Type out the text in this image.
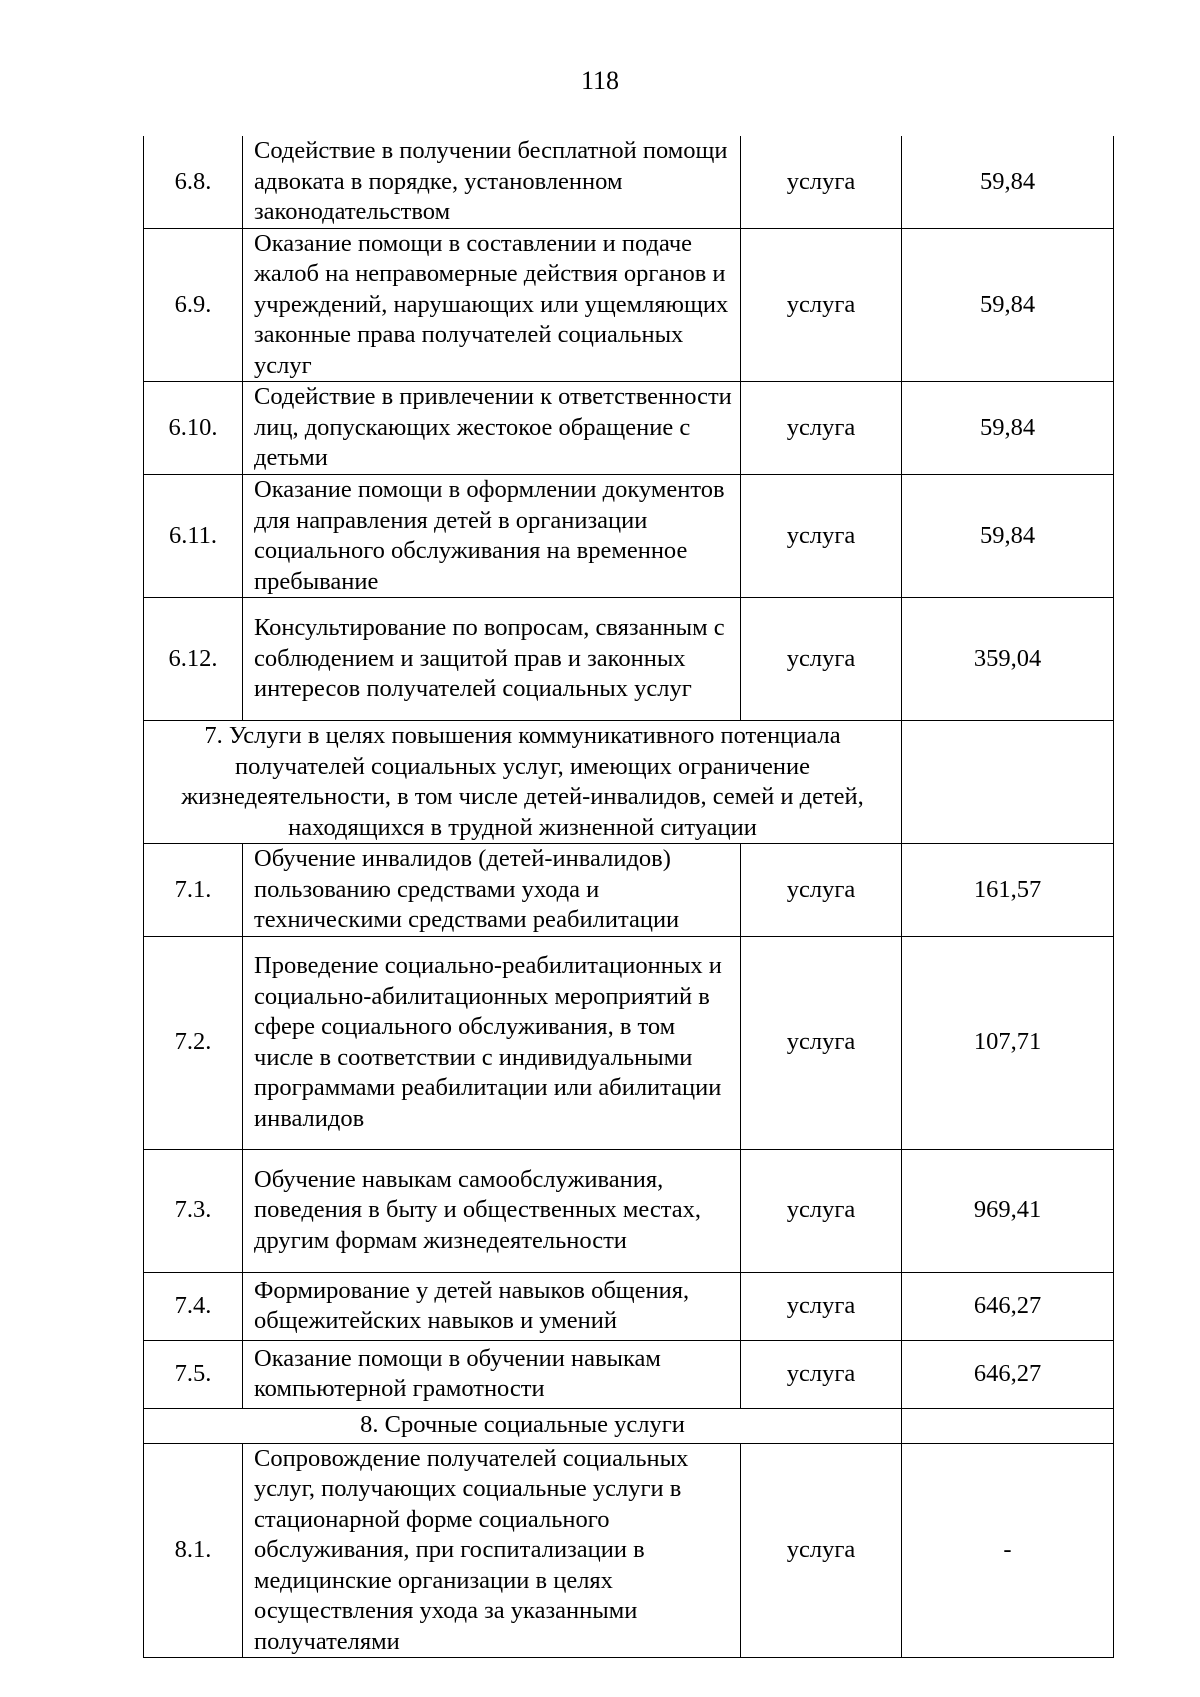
118
6.8.	Содействие в получении бесплатной помощи адвоката в порядке, установленном законодательством	услуга	59,84
6.9.	Оказание помощи в составлении и подаче жалоб на неправомерные действия органов и учреждений, нарушающих или ущемляющих законные права получателей социальных услуг	услуга	59,84
6.10.	Содействие в привлечении к ответственности лиц, допускающих жестокое обращение с детьми	услуга	59,84
6.11.	Оказание помощи в оформлении документов для направления детей в организации социального обслуживания на временное пребывание	услуга	59,84
6.12.	Консультирование по вопросам, связанным с соблюдением и защитой прав и законных интересов получателей социальных услуг	услуга	359,04
7. Услуги в целях повышения коммуникативного потенциала получателей социальных услуг, имеющих ограничение жизнедеятельности, в том числе детей-инвалидов, семей и детей, находящихся в трудной жизненной ситуации			
7.1.	Обучение инвалидов (детей-инвалидов) пользованию средствами ухода и техническими средствами реабилитации	услуга	161,57
7.2.	Проведение социально-реабилитационных и социально-абилитационных мероприятий в сфере социального обслуживания, в том числе в соответствии с индивидуальными программами реабилитации или абилитации инвалидов	услуга	107,71
7.3.	Обучение навыкам самообслуживания, поведения в быту и общественных местах, другим формам жизнедеятельности	услуга	969,41
7.4.	Формирование у детей навыков общения, общежитейских навыков и умений	услуга	646,27
7.5.	Оказание помощи в обучении навыкам компьютерной грамотности	услуга	646,27
8. Срочные социальные услуги			
8.1.	Сопровождение получателей социальных услуг, получающих социальные услуги в стационарной форме социального обслуживания, при госпитализации в медицинские организации в целях осуществления ухода за указанными получателями	услуга	-
